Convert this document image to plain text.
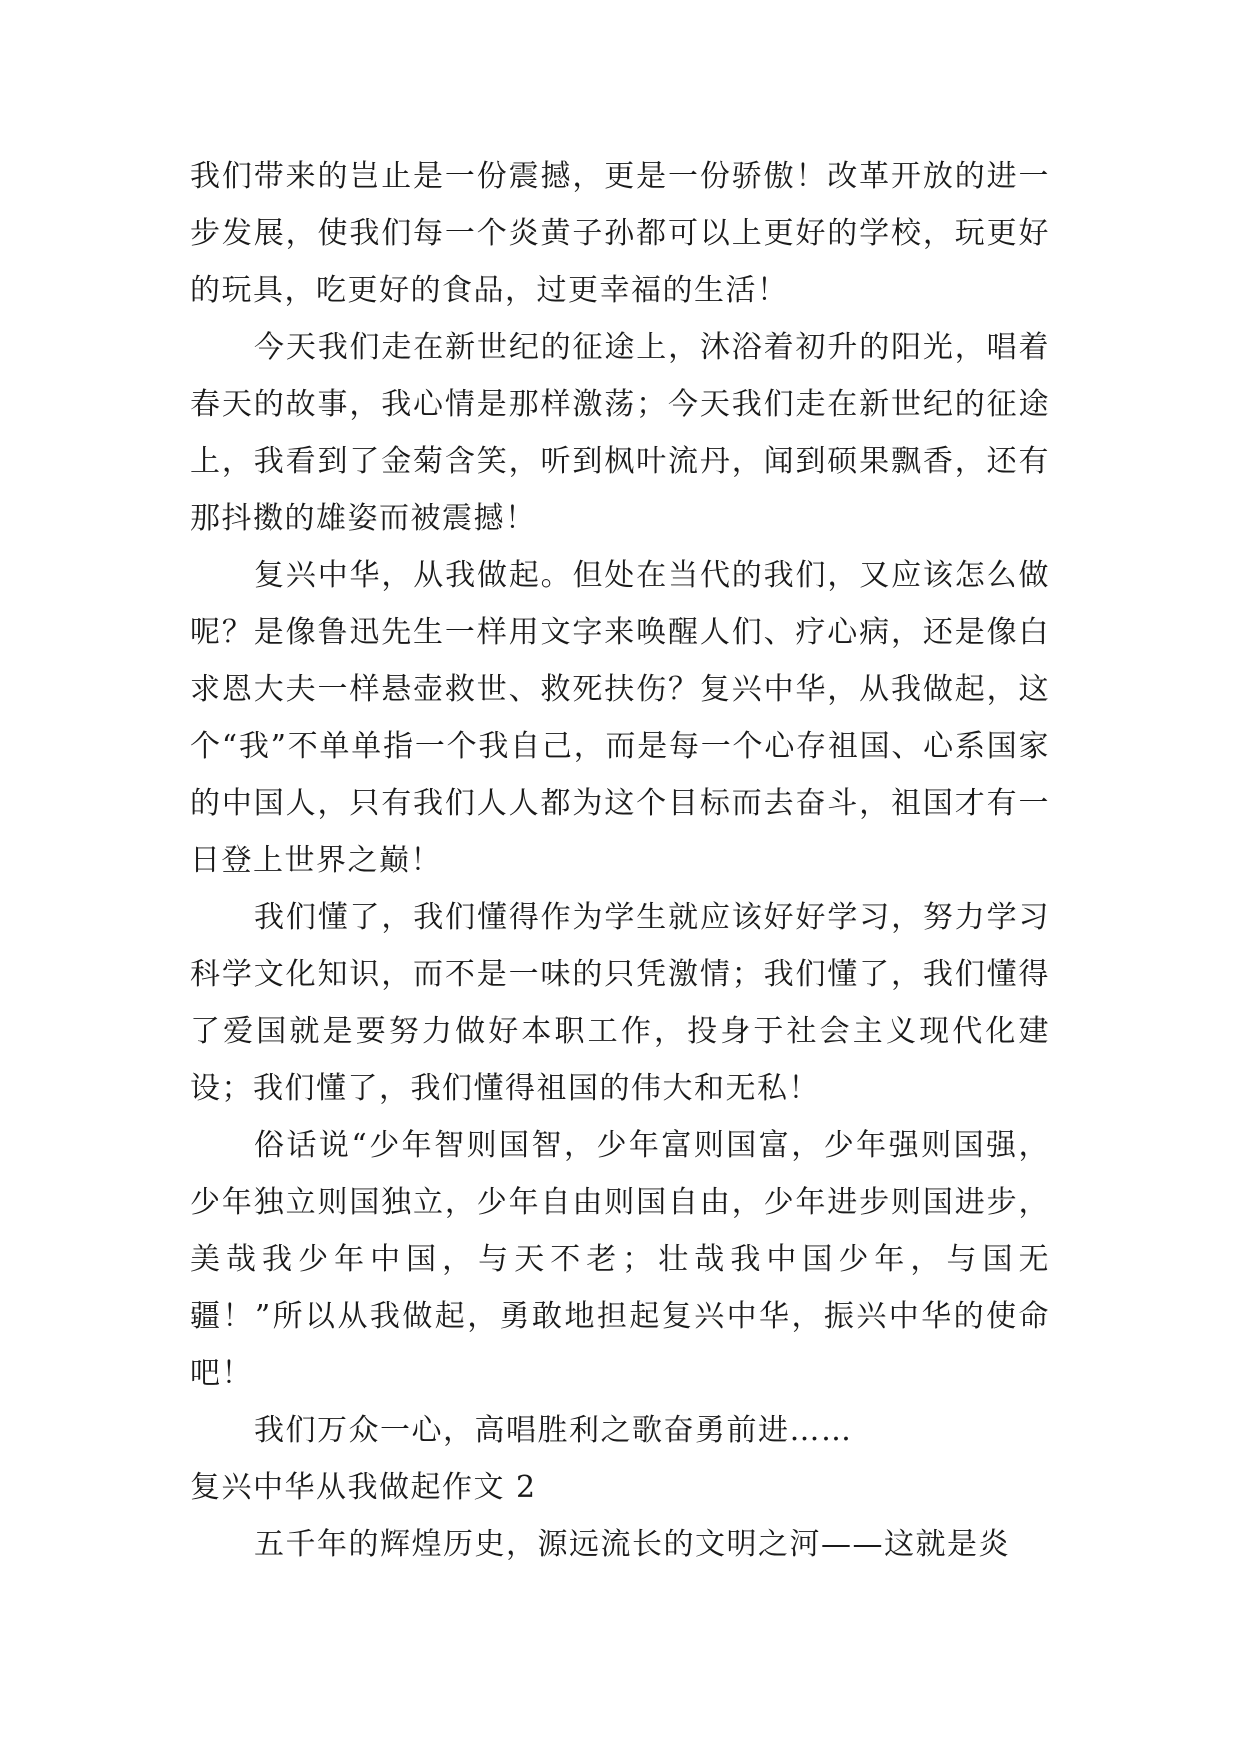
我们带来的岂止是一份震撼，更是一份骄傲！改革开放的进一步发展，使我们每一个炎黄子孙都可以上更好的学校，玩更好的玩具，吃更好的食品，过更幸福的生活！

今天我们走在新世纪的征途上，沐浴着初升的阳光，唱着春天的故事，我心情是那样激荡；今天我们走在新世纪的征途上，我看到了金菊含笑，听到枫叶流丹，闻到硕果飘香，还有那抖擞的雄姿而被震撼！

复兴中华，从我做起。但处在当代的我们，又应该怎么做呢？是像鲁迅先生一样用文字来唤醒人们、疗心病，还是像白求恩大夫一样悬壶救世、救死扶伤？复兴中华，从我做起，这个“我”不单单指一个我自己，而是每一个心存祖国、心系国家的中国人，只有我们人人都为这个目标而去奋斗，祖国才有一日登上世界之巅！

我们懂了，我们懂得作为学生就应该好好学习，努力学习科学文化知识，而不是一味的只凭激情；我们懂了，我们懂得了爱国就是要努力做好本职工作，投身于社会主义现代化建设；我们懂了，我们懂得祖国的伟大和无私！

俗话说“少年智则国智，少年富则国富，少年强则国强，少年独立则国独立，少年自由则国自由，少年进步则国进步，美哉我少年中国，与天不老；壮哉我中国少年，与国无疆！”所以从我做起，勇敢地担起复兴中华，振兴中华的使命吧！

我们万众一心，高唱胜利之歌奋勇前进……

复兴中华从我做起作文 2

五千年的辉煌历史，源远流长的文明之河——这就是炎
